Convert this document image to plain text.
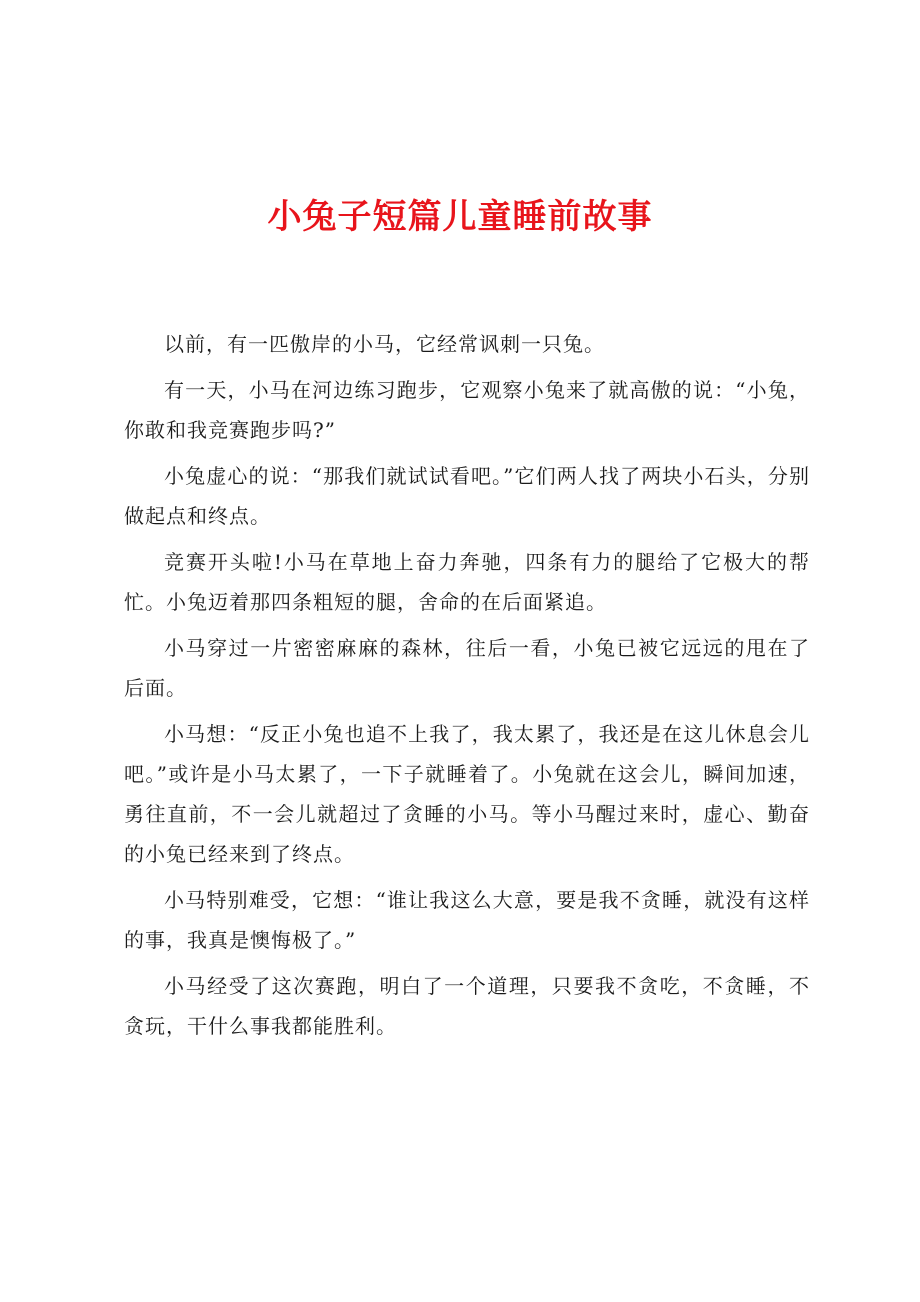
小兔子短篇儿童睡前故事

以前，有一匹傲岸的小马，它经常讽刺一只兔。

有一天，小马在河边练习跑步，它观察小兔来了就高傲的说：“小兔，你敢和我竞赛跑步吗?”

小兔虚心的说：“那我们就试试看吧。”它们两人找了两块小石头，分别做起点和终点。

竞赛开头啦!小马在草地上奋力奔驰，四条有力的腿给了它极大的帮忙。小兔迈着那四条粗短的腿，舍命的在后面紧追。

小马穿过一片密密麻麻的森林，往后一看，小兔已被它远远的甩在了后面。

小马想：“反正小兔也追不上我了，我太累了，我还是在这儿休息会儿吧。”或许是小马太累了，一下子就睡着了。小兔就在这会儿，瞬间加速，勇往直前，不一会儿就超过了贪睡的小马。等小马醒过来时，虚心、勤奋的小兔已经来到了终点。

小马特别难受，它想：“谁让我这么大意，要是我不贪睡，就没有这样的事，我真是懊悔极了。”

小马经受了这次赛跑，明白了一个道理，只要我不贪吃，不贪睡，不贪玩，干什么事我都能胜利。
